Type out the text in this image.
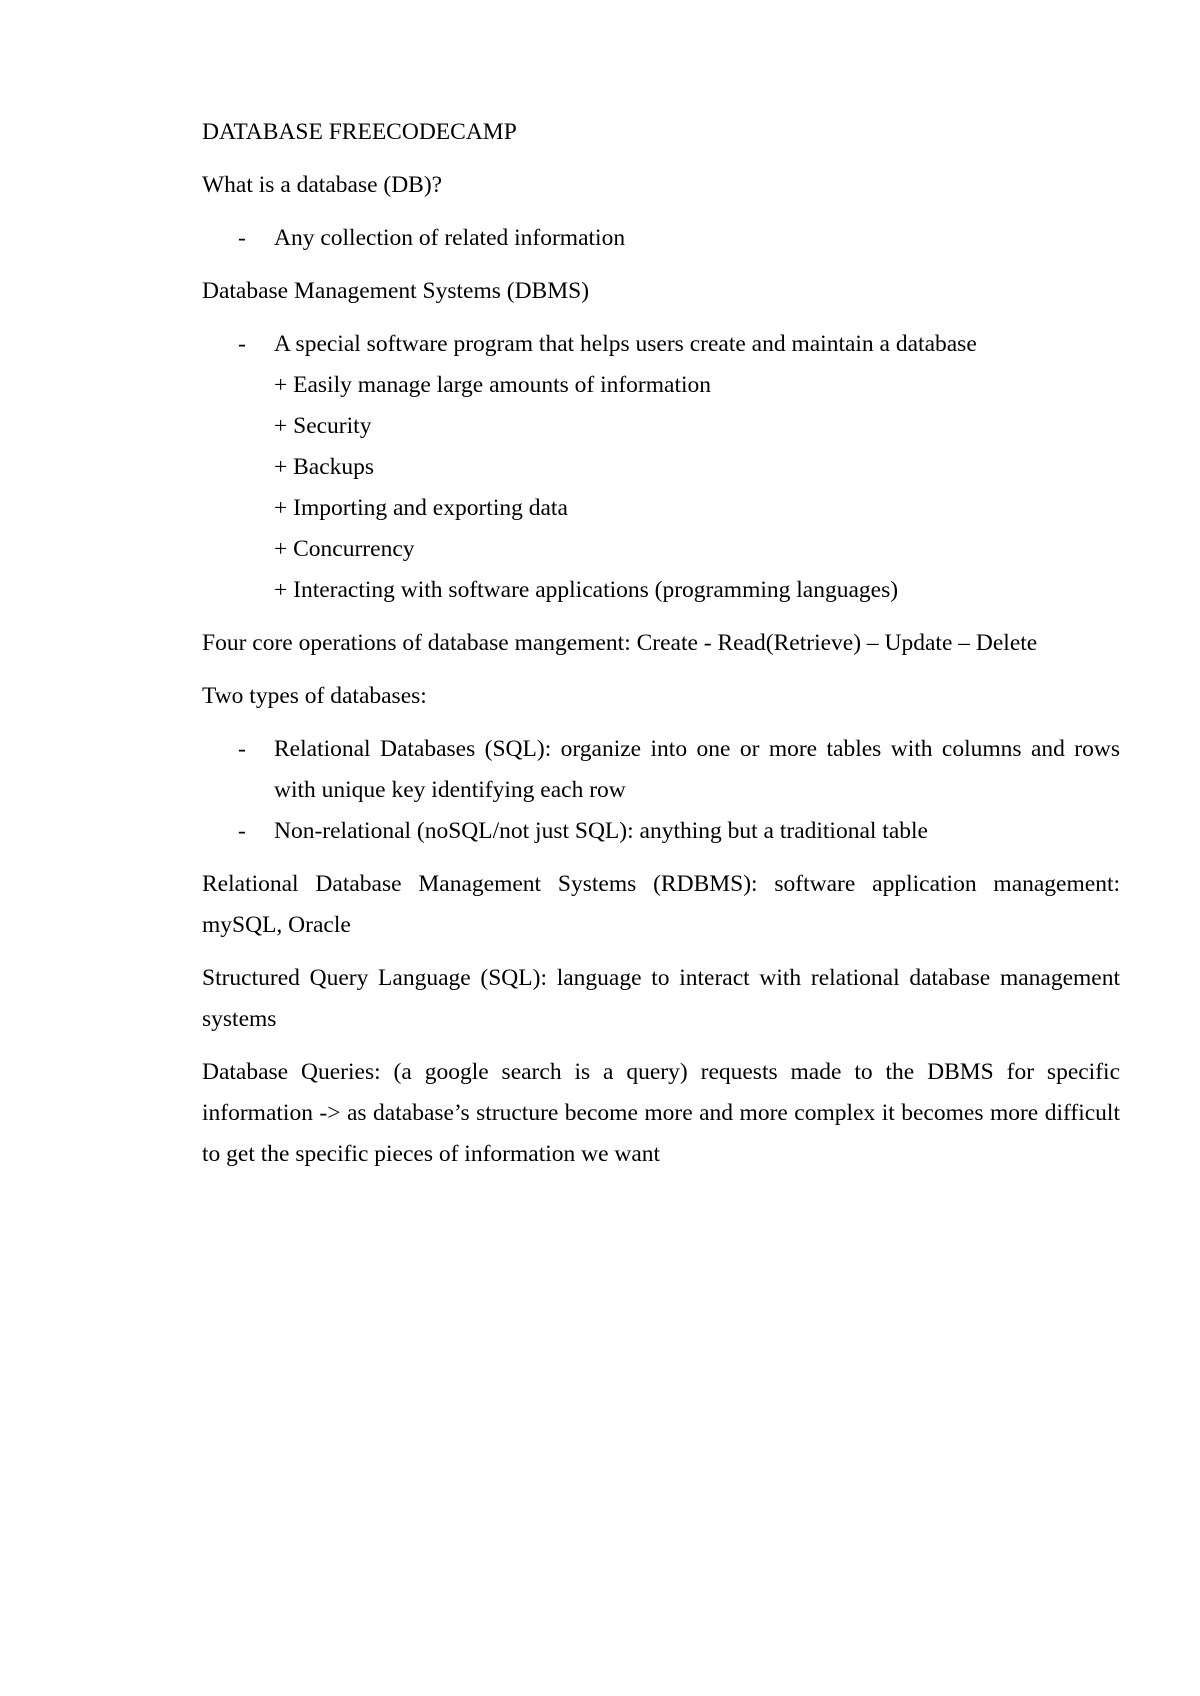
DATABASE FREECODECAMP

What is a database (DB)?

- Any collection of related information

Database Management Systems (DBMS)

- A special software program that helps users create and maintain a database
+ Easily manage large amounts of information
+ Security
+ Backups
+ Importing and exporting data
+ Concurrency
+ Interacting with software applications (programming languages)

Four core operations of database mangement: Create - Read(Retrieve) – Update – Delete

Two types of databases:

- Relational Databases (SQL): organize into one or more tables with columns and rows with unique key identifying each row
- Non-relational (noSQL/not just SQL): anything but a traditional table

Relational Database Management Systems (RDBMS): software application management: mySQL, Oracle

Structured Query Language (SQL): language to interact with relational database management systems

Database Queries: (a google search is a query) requests made to the DBMS for specific information -> as database’s structure become more and more complex it becomes more difficult to get the specific pieces of information we want
